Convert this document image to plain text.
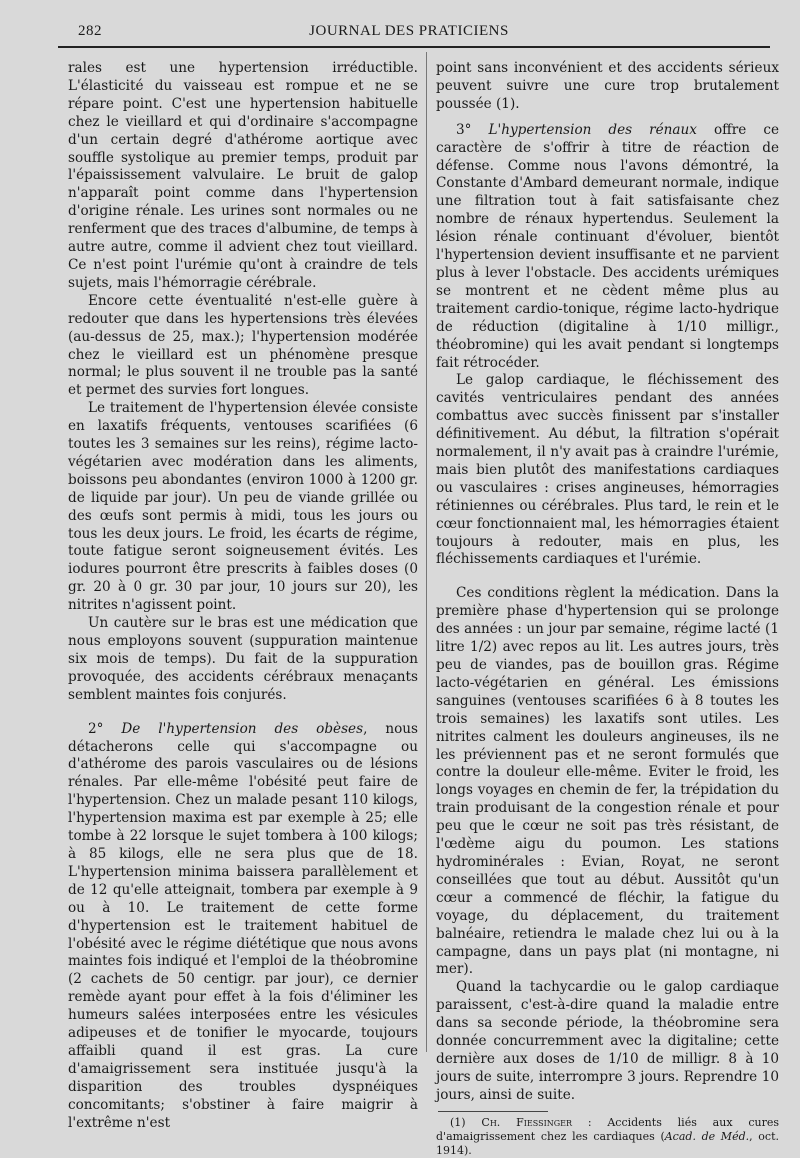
282	JOURNAL DES PRATICIENS

rales est une hypertension irréductible. L'élasticité du vaisseau est rompue et ne se répare point. C'est une hypertension habituelle chez le vieillard et qui d'ordinaire s'accompagne d'un certain degré d'athérome aortique avec souffle systolique au premier temps, produit par l'épaississement valvulaire. Le bruit de galop n'apparaît point comme dans l'hypertension d'origine rénale. Les urines sont normales ou ne renferment que des traces d'albumine, de temps à autre autre, comme il advient chez tout vieillard. Ce n'est point l'urémie qu'ont à craindre de tels sujets, mais l'hémorragie cérébrale.

Encore cette éventualité n'est-elle guère à redouter que dans les hypertensions très élevées (au-dessus de 25, max.); l'hypertension modérée chez le vieillard est un phénomène presque normal; le plus souvent il ne trouble pas la santé et permet des survies fort longues.

Le traitement de l'hypertension élevée consiste en laxatifs fréquents, ventouses scarifiées (6 toutes les 3 semaines sur les reins), régime lacto-végétarien avec modération dans les aliments, boissons peu abondantes (environ 1000 à 1200 gr. de liquide par jour). Un peu de viande grillée ou des œufs sont permis à midi, tous les jours ou tous les deux jours. Le froid, les écarts de régime, toute fatigue seront soigneusement évités. Les iodures pourront être prescrits à faibles doses (0 gr. 20 à 0 gr. 30 par jour, 10 jours sur 20), les nitrites n'agissent point.

Un cautère sur le bras est une médication que nous employons souvent (suppuration maintenue six mois de temps). Du fait de la suppuration provoquée, des accidents cérébraux menaçants semblent maintes fois conjurés.

2° De l'hypertension des obèses, nous détacherons celle qui s'accompagne ou d'athérome des parois vasculaires ou de lésions rénales. Par elle-même l'obésité peut faire de l'hypertension. Chez un malade pesant 110 kilogs, l'hypertension maxima est par exemple à 25; elle tombe à 22 lorsque le sujet tombera à 100 kilogs; à 85 kilogs, elle ne sera plus que de 18. L'hypertension minima baissera parallèlement et de 12 qu'elle atteignait, tombera par exemple à 9 ou à 10. Le traitement de cette forme d'hypertension est le traitement habituel de l'obésité avec le régime diététique que nous avons maintes fois indiqué et l'emploi de la théobromine (2 cachets de 50 centigr. par jour), ce dernier remède ayant pour effet à la fois d'éliminer les humeurs salées interposées entre les vésicules adipeuses et de tonifier le myocarde, toujours affaibli quand il est gras. La cure d'amaigrissement sera instituée jusqu'à la disparition des troubles dyspnéiques concomitants; s'obstiner à faire maigrir à l'extrême n'est

point sans inconvénient et des accidents sérieux peuvent suivre une cure trop brutalement poussée (1).

3° L'hypertension des rénaux offre ce caractère de s'offrir à titre de réaction de défense. Comme nous l'avons démontré, la Constante d'Ambard demeurant normale, indique une filtration tout à fait satisfaisante chez nombre de rénaux hypertendus. Seulement la lésion rénale continuant d'évoluer, bientôt l'hypertension devient insuffisante et ne parvient plus à lever l'obstacle. Des accidents urémiques se montrent et ne cèdent même plus au traitement cardio-tonique, régime lacto-hydrique de réduction (digitaline à 1/10 milligr., théobromine) qui les avait pendant si longtemps fait rétrocéder.

Le galop cardiaque, le fléchissement des cavités ventriculaires pendant des années combattus avec succès finissent par s'installer définitivement. Au début, la filtration s'opérait normalement, il n'y avait pas à craindre l'urémie, mais bien plutôt des manifestations cardiaques ou vasculaires : crises angineuses, hémorragies rétiniennes ou cérébrales. Plus tard, le rein et le cœur fonctionnaient mal, les hémorragies étaient toujours à redouter, mais en plus, les fléchissements cardiaques et l'urémie.

Ces conditions règlent la médication. Dans la première phase d'hypertension qui se prolonge des années : un jour par semaine, régime lacté (1 litre 1/2) avec repos au lit. Les autres jours, très peu de viandes, pas de bouillon gras. Régime lacto-végétarien en général. Les émissions sanguines (ventouses scarifiées 6 à 8 toutes les trois semaines) les laxatifs sont utiles. Les nitrites calment les douleurs angineuses, ils ne les préviennent pas et ne seront formulés que contre la douleur elle-même. Eviter le froid, les longs voyages en chemin de fer, la trépidation du train produisant de la congestion rénale et pour peu que le cœur ne soit pas très résistant, de l'œdème aigu du poumon. Les stations hydrominérales : Evian, Royat, ne seront conseillées que tout au début. Aussitôt qu'un cœur a commencé de fléchir, la fatigue du voyage, du déplacement, du traitement balnéaire, retiendra le malade chez lui ou à la campagne, dans un pays plat (ni montagne, ni mer).

Quand la tachycardie ou le galop cardiaque paraissent, c'est-à-dire quand la maladie entre dans sa seconde période, la théobromine sera donnée concurremment avec la digitaline; cette dernière aux doses de 1/10 de milligr. 8 à 10 jours de suite, interrompre 3 jours. Reprendre 10 jours, ainsi de suite.

(1) Ch. Fiessinger : Accidents liés aux cures d'amaigrissement chez les cardiaques (Acad. de Méd., oct. 1914).
